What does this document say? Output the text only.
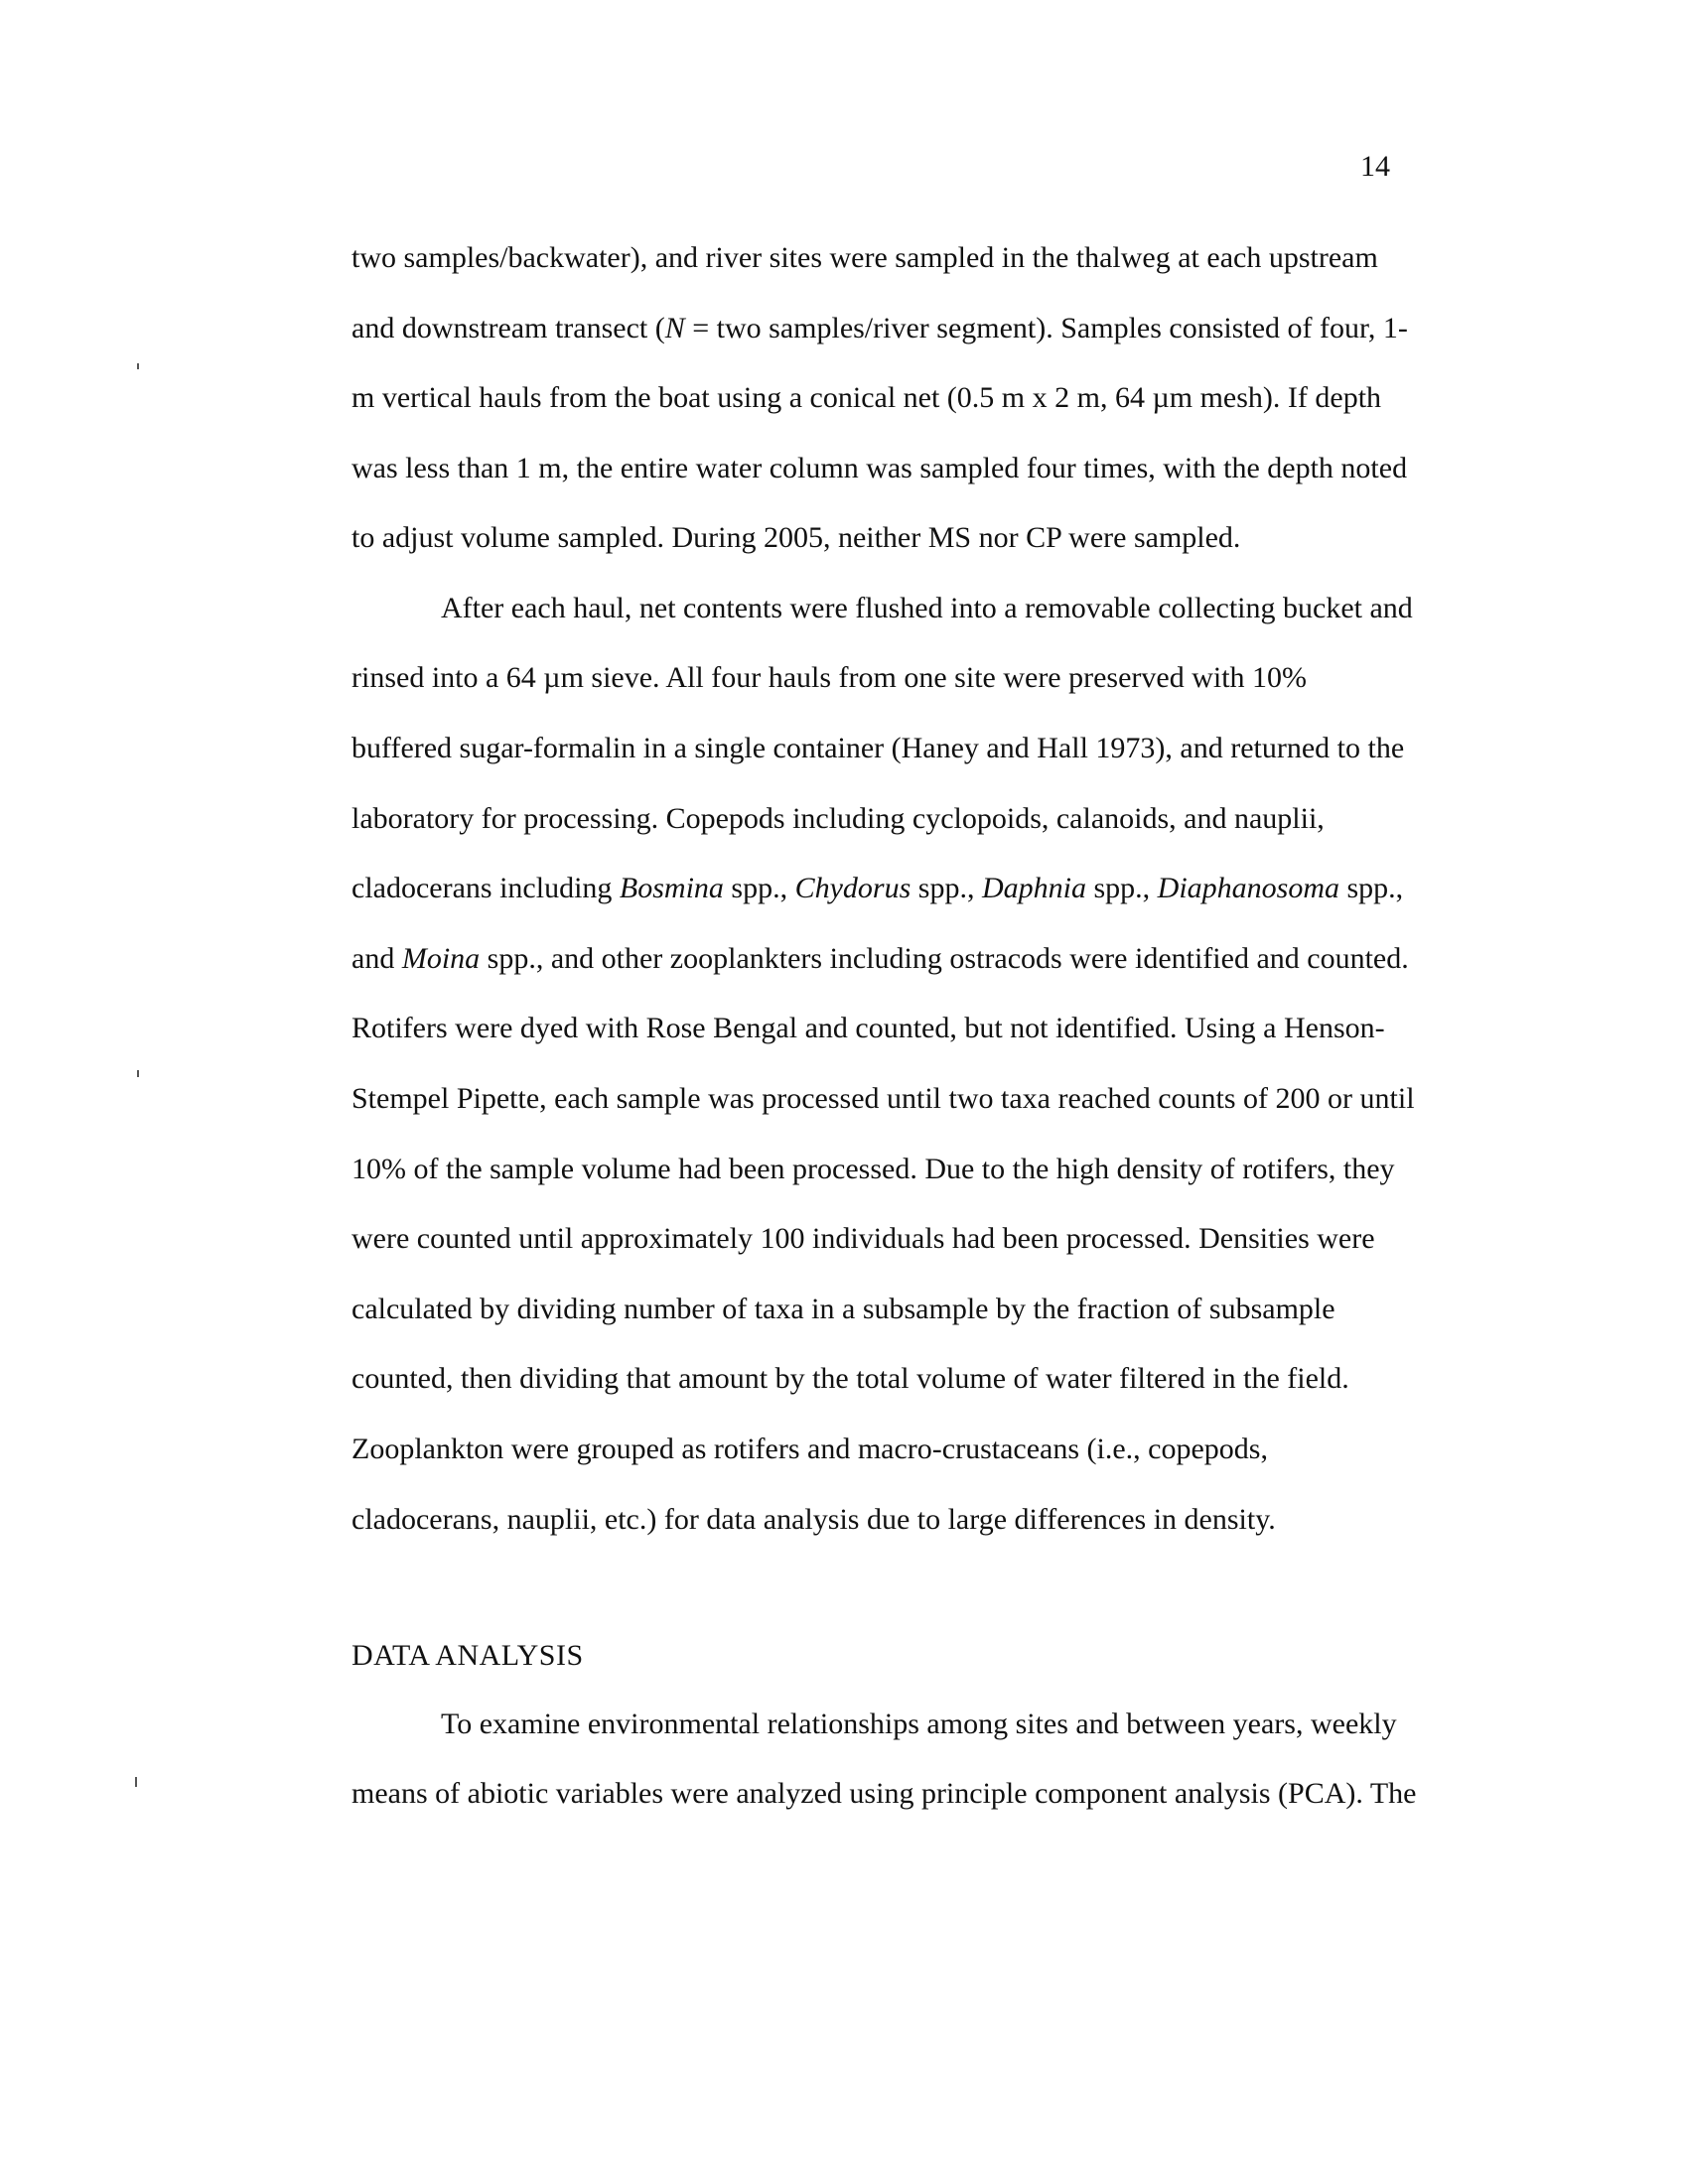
14
two samples/backwater), and river sites were sampled in the thalweg at each upstream
and downstream transect (N = two samples/river segment). Samples consisted of four, 1-
m vertical hauls from the boat using a conical net (0.5 m x 2 m, 64 µm mesh). If depth
was less than 1 m, the entire water column was sampled four times, with the depth noted
to adjust volume sampled. During 2005, neither MS nor CP were sampled.
After each haul, net contents were flushed into a removable collecting bucket and
rinsed into a 64 µm sieve. All four hauls from one site were preserved with 10%
buffered sugar-formalin in a single container (Haney and Hall 1973), and returned to the
laboratory for processing. Copepods including cyclopoids, calanoids, and nauplii,
cladocerans including Bosmina spp., Chydorus spp., Daphnia spp., Diaphanosoma spp.,
and Moina spp., and other zooplankters including ostracods were identified and counted.
Rotifers were dyed with Rose Bengal and counted, but not identified. Using a Henson-
Stempel Pipette, each sample was processed until two taxa reached counts of 200 or until
10% of the sample volume had been processed. Due to the high density of rotifers, they
were counted until approximately 100 individuals had been processed. Densities were
calculated by dividing number of taxa in a subsample by the fraction of subsample
counted, then dividing that amount by the total volume of water filtered in the field.
Zooplankton were grouped as rotifers and macro-crustaceans (i.e., copepods,
cladocerans, nauplii, etc.) for data analysis due to large differences in density.
DATA ANALYSIS
To examine environmental relationships among sites and between years, weekly
means of abiotic variables were analyzed using principle component analysis (PCA). The
